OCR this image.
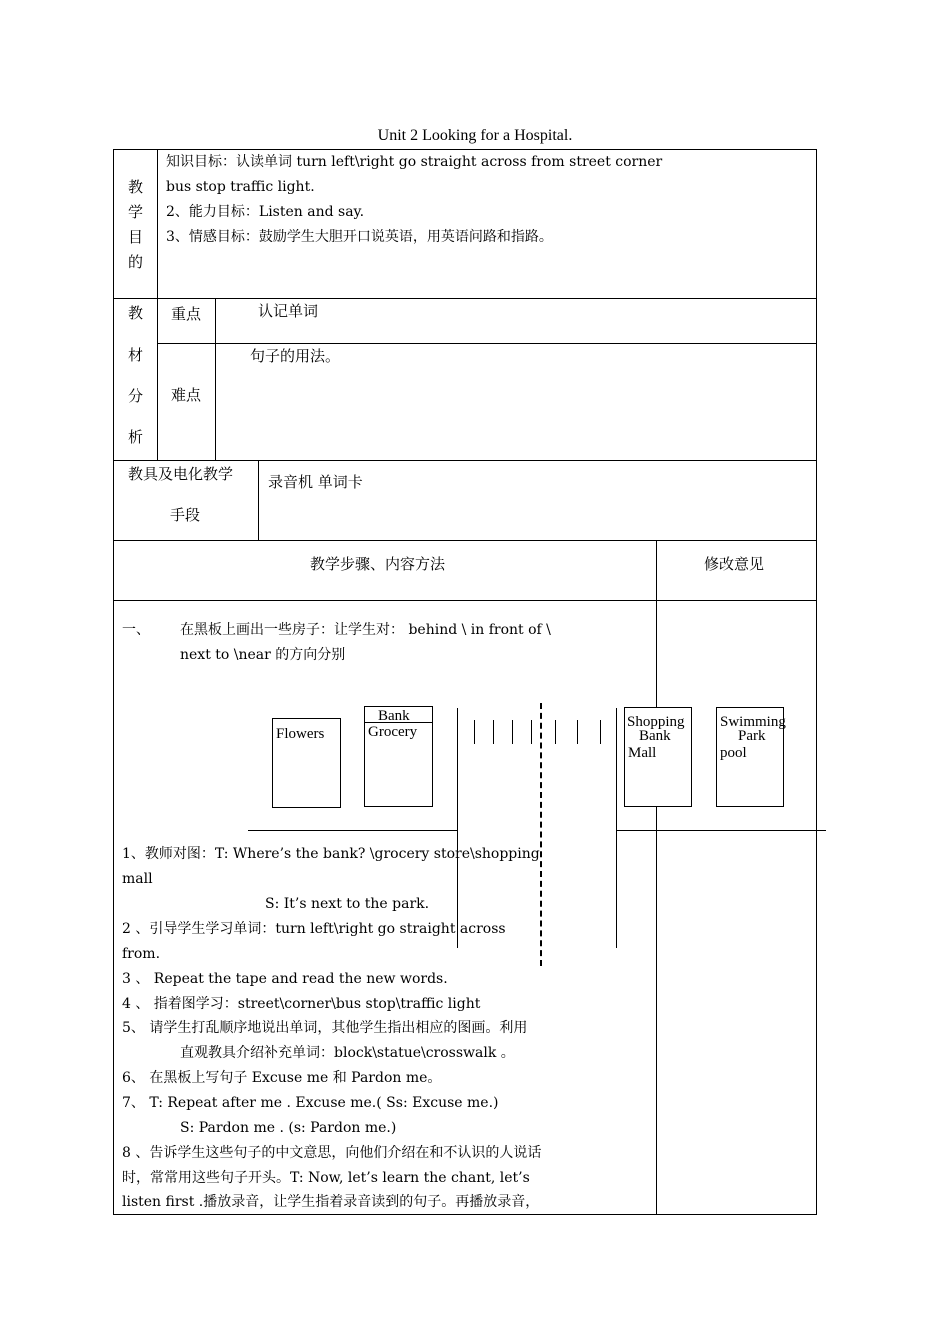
Unit 2 Looking for a Hospital.
教
学
目
的
知识目标：认读单词 turn left\right go straight across from street corner
bus stop traffic light.
2、能力目标：Listen and say.
3、情感目标：鼓励学生大胆开口说英语，用英语问路和指路。
教
材
分
析
重点	认记单词
难点
句子的用法。
教具及电化教学
手段
录音机 单词卡
教学步骤、内容方法	修改意见
一、 在黑板上画出一些房子：让学生对： behind \ in front of \
next to \near 的方向分别
Flowers
Bank
Grocery
Shopping
Bank
Mall
Swimming
Park
pool
1、教师对图：T: Where’s the bank? \grocery store\shopping
mall
S: It’s next to the park.
2 、引导学生学习单词：turn left\right go straight across
from.
3 、 Repeat the tape and read the new words.
4 、 指着图学习：street\corner\bus stop\traffic light
5、 请学生打乱顺序地说出单词，其他学生指出相应的图画。利用
直观教具介绍补充单词：block\statue\crosswalk 。
6、 在黑板上写句子 Excuse me 和 Pardon me。
7、 T: Repeat after me . Excuse me.( Ss: Excuse me.)
S: Pardon me . (s: Pardon me.)
8 、告诉学生这些句子的中文意思，向他们介绍在和不认识的人说话
时，常常用这些句子开头。T: Now, let’s learn the chant, let’s
listen first .播放录音，让学生指着录音读到的句子。再播放录音，
